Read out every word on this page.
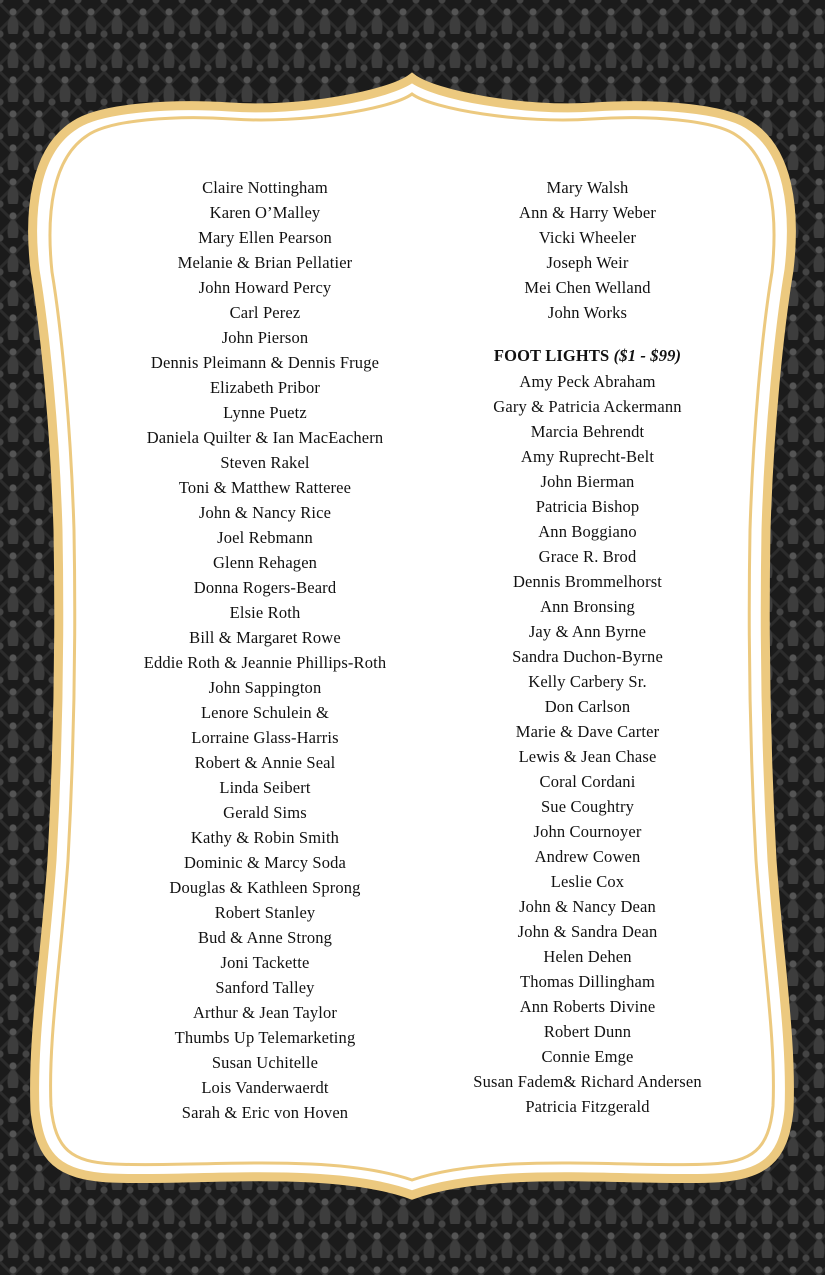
Claire Nottingham
Karen O’Malley
Mary Ellen Pearson
Melanie & Brian Pellatier
John Howard Percy
Carl Perez
John Pierson
Dennis Pleimann & Dennis Fruge
Elizabeth Pribor
Lynne Puetz
Daniela Quilter & Ian MacEachern
Steven Rakel
Toni & Matthew Ratteree
John & Nancy Rice
Joel Rebmann
Glenn Rehagen
Donna Rogers-Beard
Elsie Roth
Bill & Margaret Rowe
Eddie Roth & Jeannie Phillips-Roth
John Sappington
Lenore Schulein &
Lorraine Glass-Harris
Robert & Annie Seal
Linda Seibert
Gerald Sims
Kathy & Robin Smith
Dominic & Marcy Soda
Douglas & Kathleen Sprong
Robert Stanley
Bud & Anne Strong
Joni Tackette
Sanford Talley
Arthur & Jean Taylor
Thumbs Up Telemarketing
Susan Uchitelle
Lois Vanderwaerdt
Sarah & Eric von Hoven
Mary Walsh
Ann & Harry Weber
Vicki Wheeler
Joseph Weir
Mei Chen Welland
John Works
FOOT LIGHTS ($1 - $99)
Amy Peck Abraham
Gary & Patricia Ackermann
Marcia Behrendt
Amy Ruprecht-Belt
John Bierman
Patricia Bishop
Ann Boggiano
Grace R. Brod
Dennis Brommelhorst
Ann Bronsing
Jay & Ann Byrne
Sandra Duchon-Byrne
Kelly Carbery Sr.
Don Carlson
Marie & Dave Carter
Lewis & Jean Chase
Coral Cordani
Sue Coughtry
John Cournoyer
Andrew Cowen
Leslie Cox
John & Nancy Dean
John & Sandra Dean
Helen Dehen
Thomas Dillingham
Ann Roberts Divine
Robert Dunn
Connie Emge
Susan Fadem& Richard Andersen
Patricia Fitzgerald
